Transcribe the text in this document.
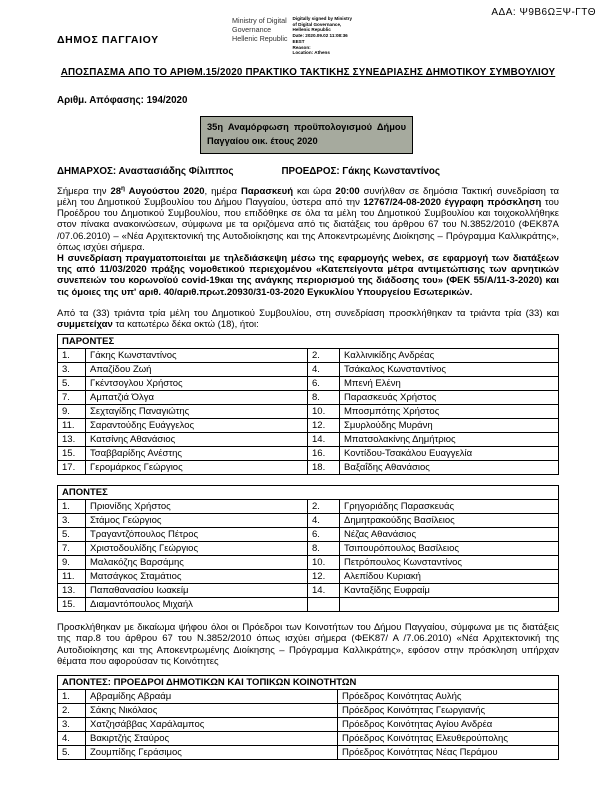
ΑΔΑ: Ψ9Β6ΩΞΨ-ΓΤΘ
ΔΗΜΟΣ ΠΑΓΓΑΙΟΥ
Ministry of Digital
Governance
Hellenic Republic
Digitally signed by Ministry
of Digital Governance,
Hellenic Republic
Date: 2020.09.02 11:08:36
EEST
Reason:
Location: Athens
ΑΠΟΣΠΑΣΜΑ ΑΠΟ ΤΟ ΑΡΙΘΜ.15/2020 ΠΡΑΚΤΙΚΟ ΤΑΚΤΙΚΗΣ ΣΥΝΕΔΡΙΑΣΗΣ ΔΗΜΟΤΙΚΟΥ ΣΥΜΒΟΥΛΙΟΥ
Αριθμ. Απόφασης: 194/2020
35η Αναμόρφωση προϋπολογισμού Δήμου Παγγαίου οικ. έτους 2020
ΔΗΜΑΡΧΟΣ: Αναστασιάδης Φίλιππος	ΠΡΟΕΔΡΟΣ: Γάκης Κωνσταντίνος

Σήμερα την $28^\eta$ Αυγούστου 2020, ημέρα Παρασκευή και ώρα 20:00 συνήλθαν σε δημόσια Τακτική συνεδρίαση τα μέλη του Δημοτικού Συμβουλίου του Δήμου Παγγαίου, ύστερα από την 12767/24-08-2020 έγγραφη πρόσκληση του Προέδρου του Δημοτικού Συμβουλίου, που επιδόθηκε σε όλα τα μέλη του Δημοτικού Συμβουλίου και τοιχοκολλήθηκε στον πίνακα ανακοινώσεων, σύμφωνα με τα οριζόμενα από τις διατάξεις του άρθρου 67 του Ν.3852/2010 (ΦΕΚ87Α /07.06.2010) – «Νέα Αρχιτεκτονική της Αυτοδιοίκησης και της Αποκεντρωμένης Διοίκησης – Πρόγραμμα Καλλικράτης», όπως ισχύει σήμερα.

Η συνεδρίαση πραγματοποιείται με τηλεδιάσκεψη μέσω της εφαρμογής webex, σε εφαρμογή των διατάξεων της από 11/03/2020 πράξης νομοθετικού περιεχομένου «Κατεπείγοντα μέτρα αντιμετώπισης των αρνητικών συνεπειών του κορωνοϊού covid-19και της ανάγκης περιορισμού της διάδοσης του» (ΦΕΚ 55/Α/11-3-2020) και τις όμοιες της υπ' αριθ. 40/αριθ.πρωτ.20930/31-03-2020 Εγκυκλίου Υπουργείου Εσωτερικών.

Από τα (33) τριάντα τρία μέλη του Δημοτικού Συμβουλίου, στη συνεδρίαση προσκλήθηκαν τα τριάντα τρία (33) και συμμετείχαν τα κατωτέρω δέκα οκτώ (18), ήτοι:

ΠΑΡΟΝΤΕΣ			
1.	Γάκης Κωνσταντίνος	2.	Καλλινικίδης Ανδρέας
3.	Απαζίδου Ζωή	4.	Τσάκαλος Κωνσταντίνος
5.	Γκέντσογλου Χρήστος	6.	Μπενή Ελένη
7.	Αμπατζιά Όλγα	8.	Παρασκευάς Χρήστος
9.	Σεχταγίδης Παναγιώτης	10.	Μποσμπότης Χρήστος
11.	Σαραντούδης Ευάγγελος	12.	Σμυρλούδης Μυράνη
13.	Κατσίνης Αθανάσιος	14.	Μπατσολακίνης Δημήτριος
15.	Τσαββαρίδης Ανέστης	16.	Κοντίδου-Τσακάλου Ευαγγελία
17.	Γερομάρκος Γεώργιος	18.	Βαξαΐδης Αθανάσιος
ΑΠΟΝΤΕΣ			
1.	Πριονίδης Χρήστος	2.	Γρηγοριάδης Παρασκευάς
3.	Στάμος Γεώργιος	4.	Δημητρακούδης Βασίλειος
5.	Τραγαντζόπουλος Πέτρος	6.	Νέζας Αθανάσιος
7.	Χριστοδουλίδης Γεώργιος	8.	Τσιπουρόπουλος Βασίλειος
9.	Μαλακόζης Βαρσάμης	10.	Πετρόπουλος Κωνσταντίνος
11.	Ματσάγκος Σταμάτιος	12.	Αλεπίδου Κυριακή
13.	Παπαθανασίου Ιωακείμ	14.	Κανταξίδης Ευφραίμ
15.	Διαμαντόπουλος Μιχαήλ		

Προσκλήθηκαν με δικαίωμα ψήφου όλοι οι Πρόεδροι των Κοινοτήτων του Δήμου Παγγαίου, σύμφωνα με τις διατάξεις της παρ.8 του άρθρου 67 του Ν.3852/2010 όπως ισχύει σήμερα (ΦΕΚ87/ Α /7.06.2010) «Νέα Αρχιτεκτονική της Αυτοδιοίκησης και της Αποκεντρωμένης Διοίκησης – Πρόγραμμα Καλλικράτης», εφόσον στην πρόσκληση υπήρχαν θέματα που αφορούσαν τις Κοινότητες

ΑΠΟΝΤΕΣ: ΠΡΟΕΔΡΟΙ ΔΗΜΟΤΙΚΩΝ ΚΑΙ ΤΟΠΙΚΩΝ ΚΟΙΝΟΤΗΤΩΝ		
1.	Αβραμίδης Αβραάμ	Πρόεδρος Κοινότητας Αυλής
2.	Σάκης Νικόλαος	Πρόεδρος Κοινότητας Γεωργιανής
3.	Χατζησάββας Χαράλαμπος	Πρόεδρος Κοινότητας Αγίου Ανδρέα
4.	Βακιρτζής Σταύρος	Πρόεδρος Κοινότητας Ελευθερούπολης
5.	Ζουμπίδης Γεράσιμος	Πρόεδρος Κοινότητας Νέας Περάμου
